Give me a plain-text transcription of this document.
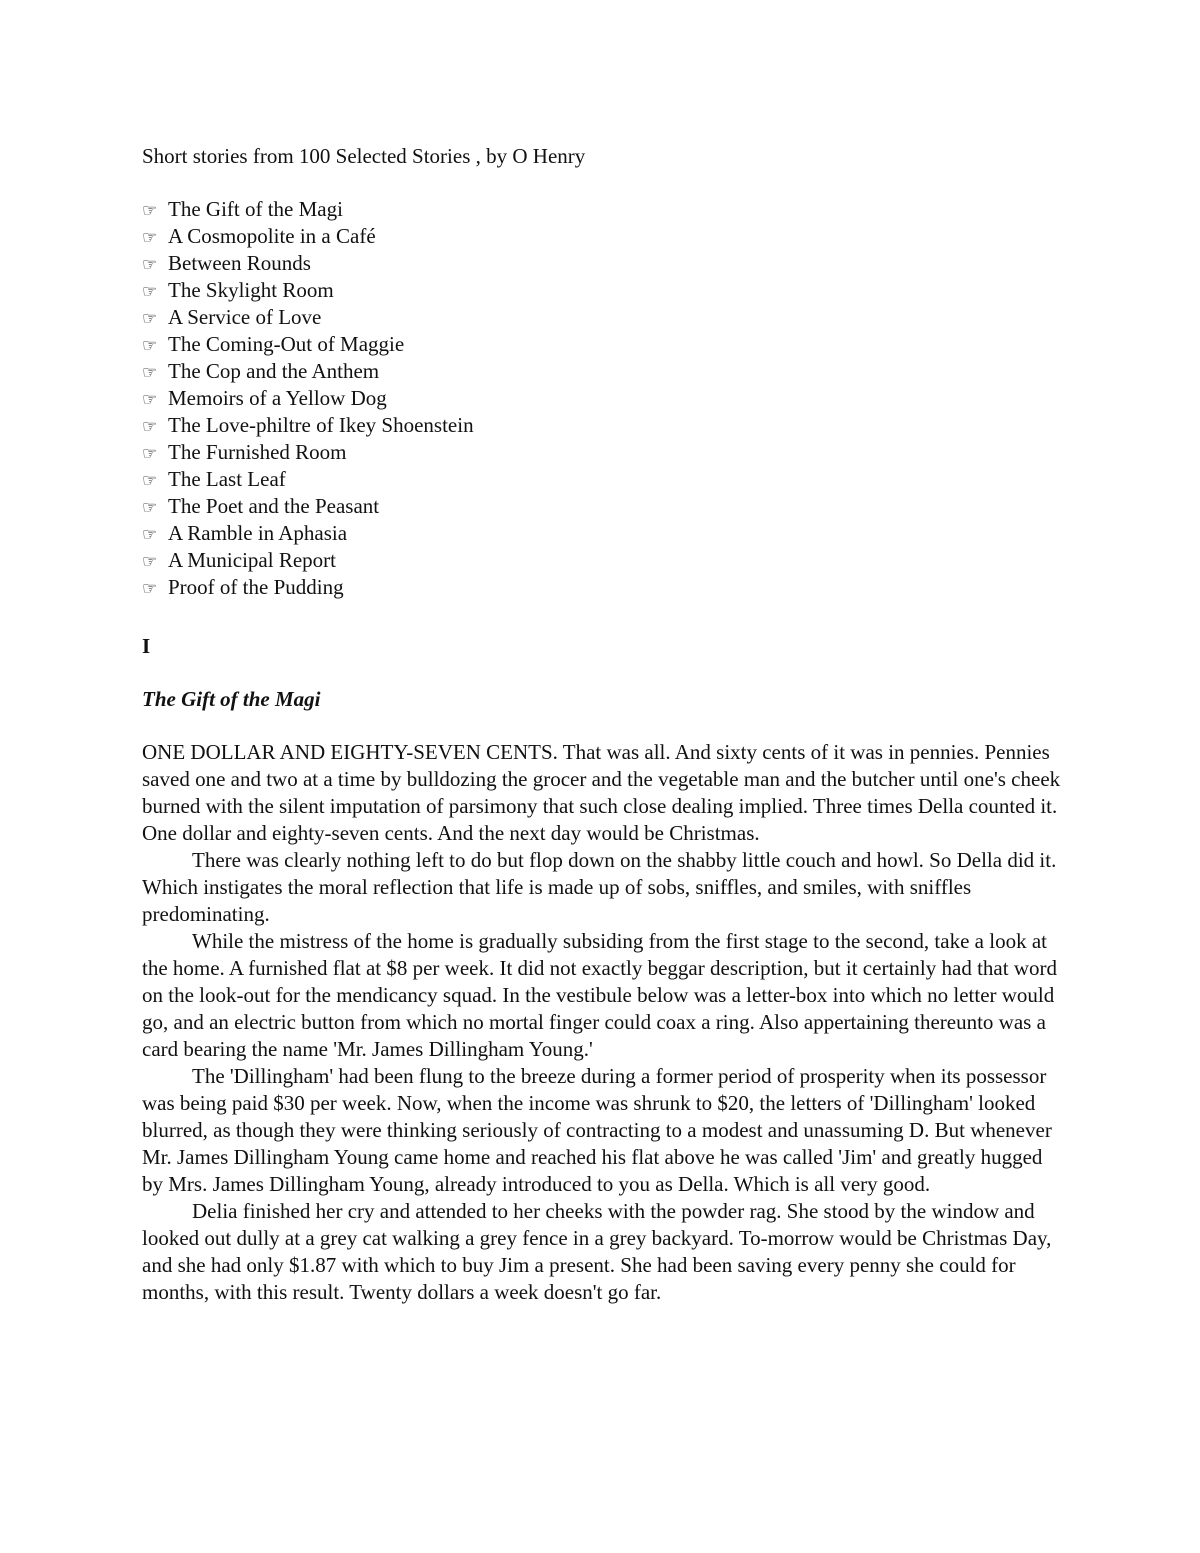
Short stories from 100 Selected Stories , by O Henry

☞ The Gift of the Magi
☞ A Cosmopolite in a Café
☞ Between Rounds
☞ The Skylight Room
☞ A Service of Love
☞ The Coming-Out of Maggie
☞ The Cop and the Anthem
☞ Memoirs of a Yellow Dog
☞ The Love-philtre of Ikey Shoenstein
☞ The Furnished Room
☞ The Last Leaf
☞ The Poet and the Peasant
☞ A Ramble in Aphasia
☞ A Municipal Report
☞ Proof of the Pudding
I
The Gift of the Magi

ONE DOLLAR AND EIGHTY-SEVEN CENTS. That was all. And sixty cents of it was in pennies. Pennies saved one and two at a time by bulldozing the grocer and the vegetable man and the butcher until one's cheek burned with the silent imputation of parsimony that such close dealing implied. Three times Della counted it. One dollar and eighty-seven cents. And the next day would be Christmas.

There was clearly nothing left to do but flop down on the shabby little couch and howl. So Della did it. Which instigates the moral reflection that life is made up of sobs, sniffles, and smiles, with sniffles predominating.

While the mistress of the home is gradually subsiding from the first stage to the second, take a look at the home. A furnished flat at $8 per week. It did not exactly beggar description, but it certainly had that word on the look-out for the mendicancy squad. In the vestibule below was a letter-box into which no letter would go, and an electric button from which no mortal finger could coax a ring. Also appertaining thereunto was a card bearing the name 'Mr. James Dillingham Young.'

The 'Dillingham' had been flung to the breeze during a former period of prosperity when its possessor was being paid $30 per week. Now, when the income was shrunk to $20, the letters of 'Dillingham' looked blurred, as though they were thinking seriously of contracting to a modest and unassuming D. But whenever Mr. James Dillingham Young came home and reached his flat above he was called 'Jim' and greatly hugged by Mrs. James Dillingham Young, already introduced to you as Della. Which is all very good.

Delia finished her cry and attended to her cheeks with the powder rag. She stood by the window and looked out dully at a grey cat walking a grey fence in a grey backyard. To-morrow would be Christmas Day, and she had only $1.87 with which to buy Jim a present. She had been saving every penny she could for months, with this result. Twenty dollars a week doesn't go far.
